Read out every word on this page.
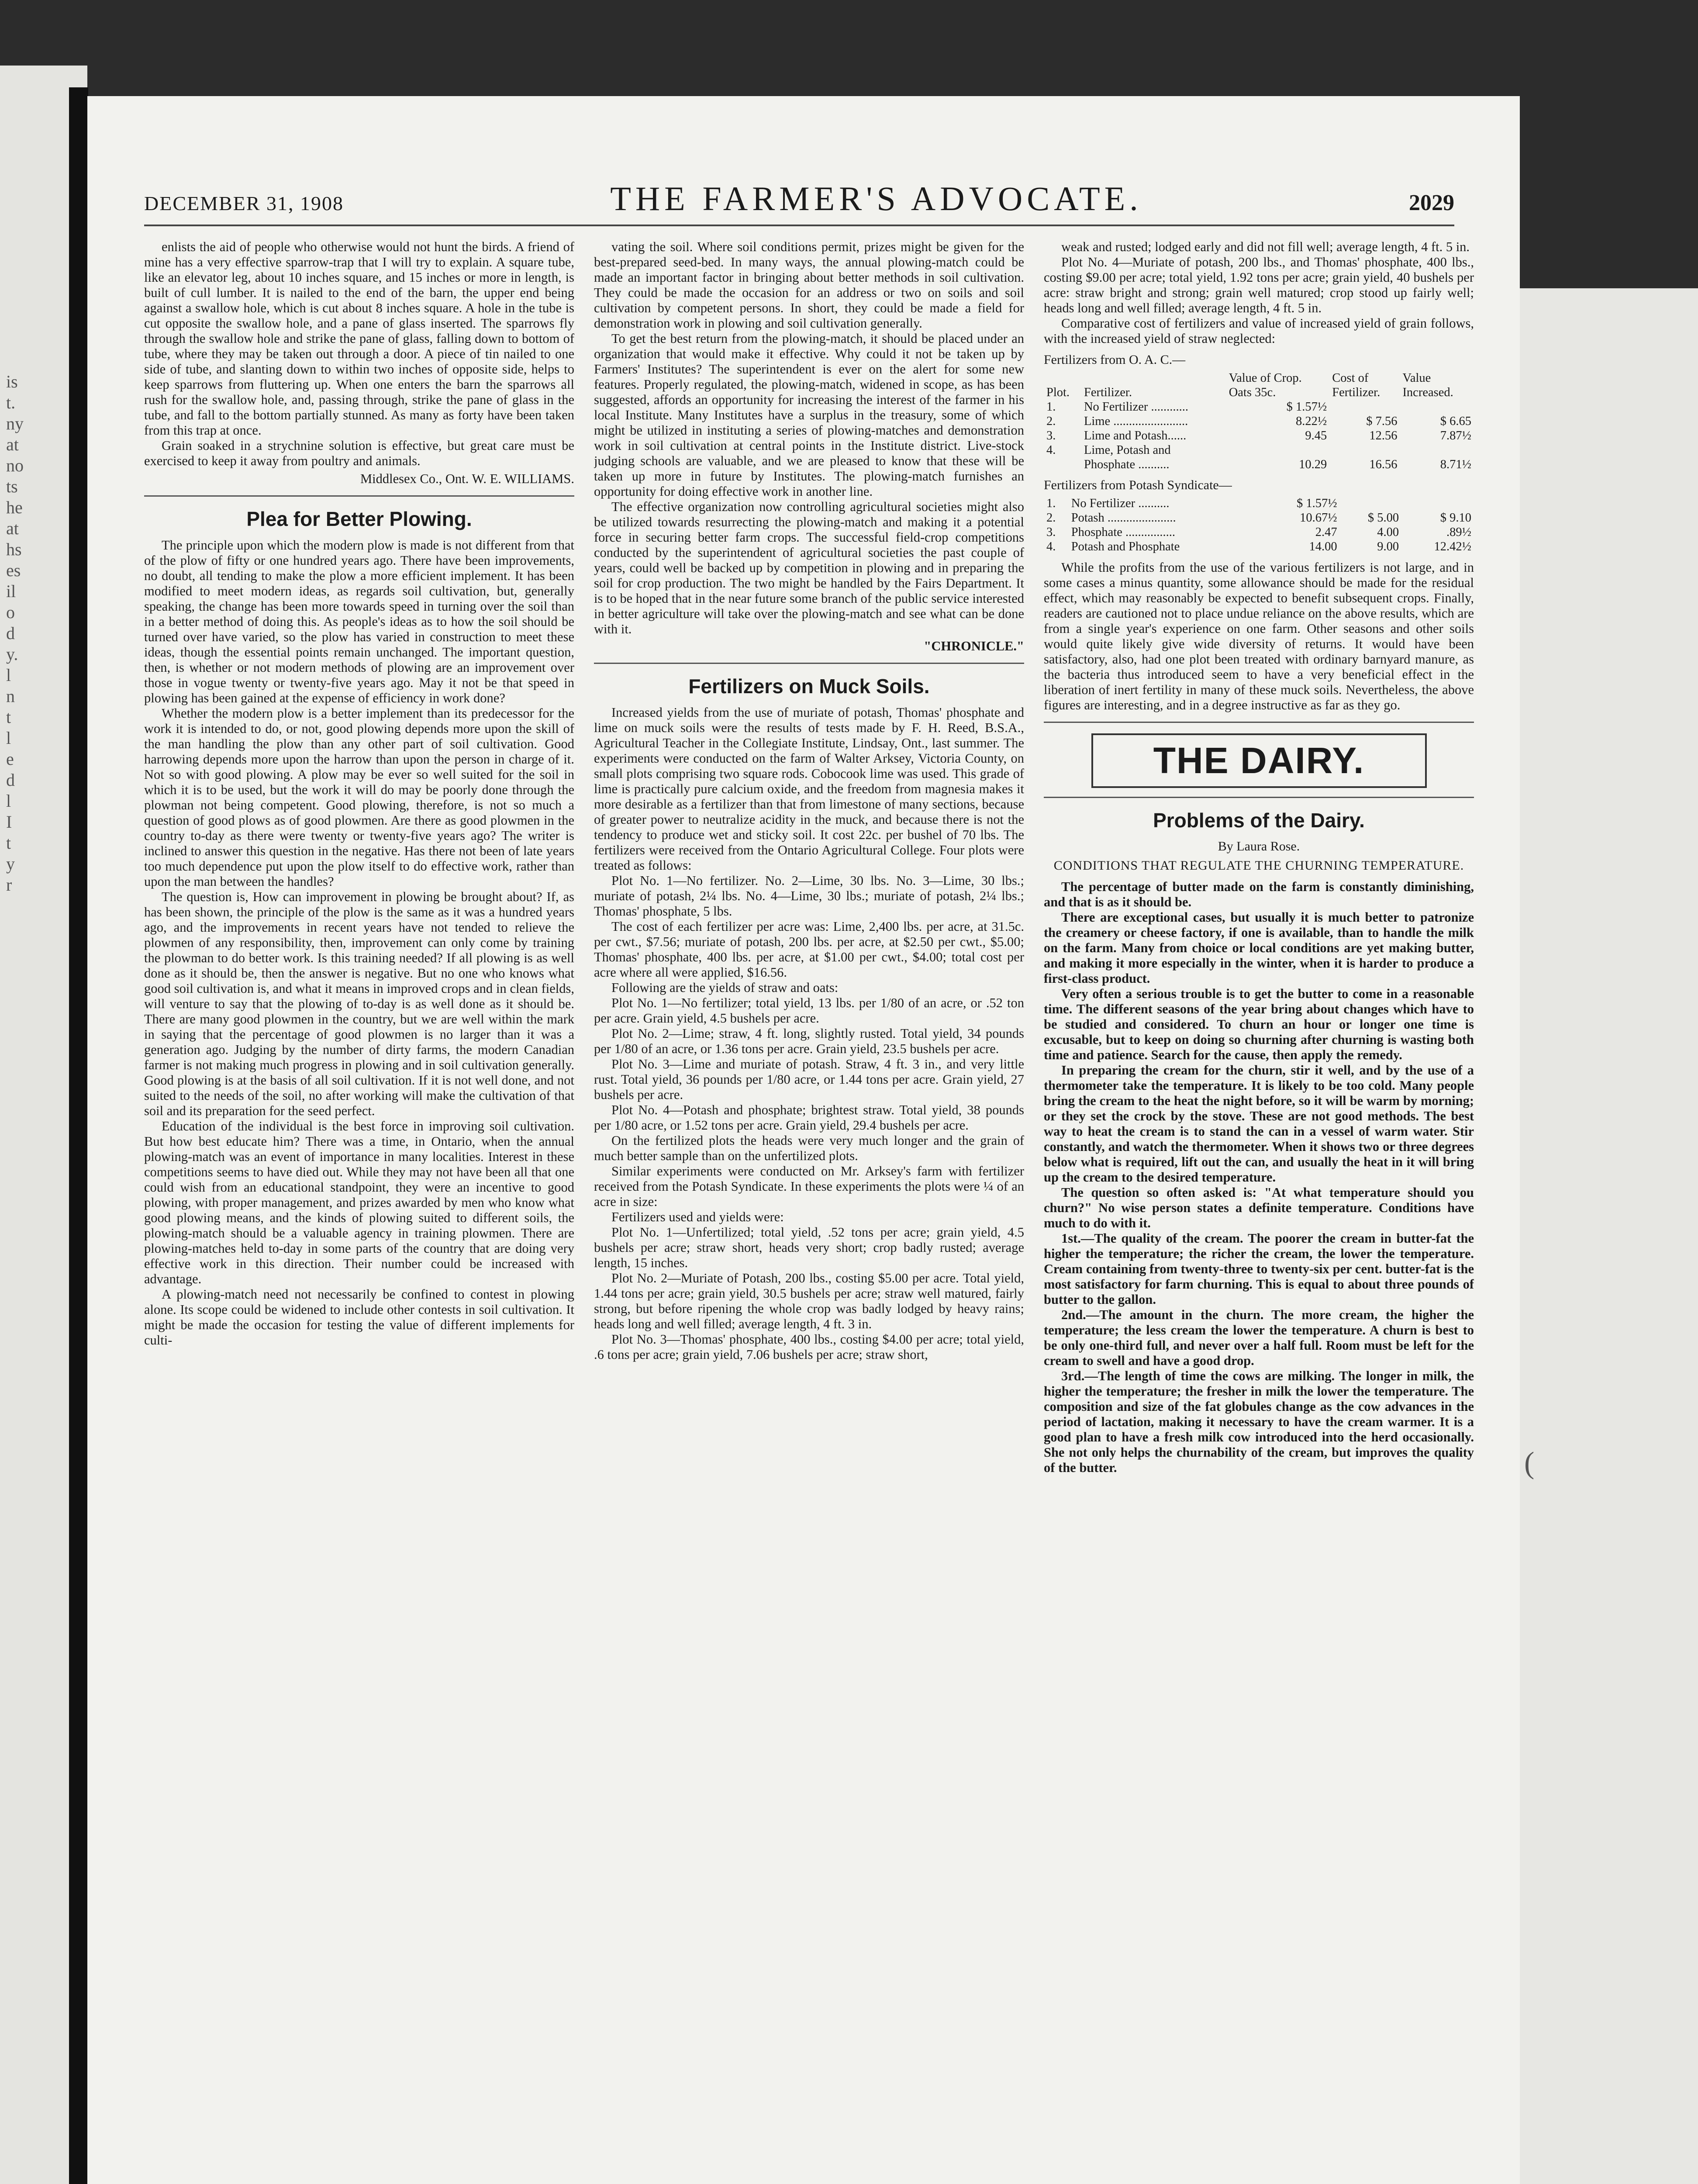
is
t.
ny
at
no
ts
he
at
hs
es
il
o
d
y.
l
n
t
l
e
d
l
I
t
y
r
DECEMBER 31, 1908	THE FARMER'S ADVOCATE.	2029

enlists the aid of people who otherwise would not hunt the birds. A friend of mine has a very effective sparrow-trap that I will try to explain. A square tube, like an elevator leg, about 10 inches square, and 15 inches or more in length, is built of cull lumber. It is nailed to the end of the barn, the upper end being against a swallow hole, which is cut about 8 inches square. A hole in the tube is cut opposite the swallow hole, and a pane of glass inserted. The sparrows fly through the swallow hole and strike the pane of glass, falling down to bottom of tube, where they may be taken out through a door. A piece of tin nailed to one side of tube, and slanting down to within two inches of opposite side, helps to keep sparrows from fluttering up. When one enters the barn the sparrows all rush for the swallow hole, and, passing through, strike the pane of glass in the tube, and fall to the bottom partially stunned. As many as forty have been taken from this trap at once.

Grain soaked in a strychnine solution is effective, but great care must be exercised to keep it away from poultry and animals.

Middlesex Co., Ont. W. E. WILLIAMS.

Plea for Better Plowing.

The principle upon which the modern plow is made is not different from that of the plow of fifty or one hundred years ago. There have been improvements, no doubt, all tending to make the plow a more efficient implement. It has been modified to meet modern ideas, as regards soil cultivation, but, generally speaking, the change has been more towards speed in turning over the soil than in a better method of doing this. As people's ideas as to how the soil should be turned over have varied, so the plow has varied in construction to meet these ideas, though the essential points remain unchanged. The important question, then, is whether or not modern methods of plowing are an improvement over those in vogue twenty or twenty-five years ago. May it not be that speed in plowing has been gained at the expense of efficiency in work done?

Whether the modern plow is a better implement than its predecessor for the work it is intended to do, or not, good plowing depends more upon the skill of the man handling the plow than any other part of soil cultivation. Good harrowing depends more upon the harrow than upon the person in charge of it. Not so with good plowing. A plow may be ever so well suited for the soil in which it is to be used, but the work it will do may be poorly done through the plowman not being competent. Good plowing, therefore, is not so much a question of good plows as of good plowmen. Are there as good plowmen in the country to-day as there were twenty or twenty-five years ago? The writer is inclined to answer this question in the negative. Has there not been of late years too much dependence put upon the plow itself to do effective work, rather than upon the man between the handles?

The question is, How can improvement in plowing be brought about? If, as has been shown, the principle of the plow is the same as it was a hundred years ago, and the improvements in recent years have not tended to relieve the plowmen of any responsibility, then, improvement can only come by training the plowman to do better work. Is this training needed? If all plowing is as well done as it should be, then the answer is negative. But no one who knows what good soil cultivation is, and what it means in improved crops and in clean fields, will venture to say that the plowing of to-day is as well done as it should be. There are many good plowmen in the country, but we are well within the mark in saying that the percentage of good plowmen is no larger than it was a generation ago. Judging by the number of dirty farms, the modern Canadian farmer is not making much progress in plowing and in soil cultivation generally. Good plowing is at the basis of all soil cultivation. If it is not well done, and not suited to the needs of the soil, no after working will make the cultivation of that soil and its preparation for the seed perfect.

Education of the individual is the best force in improving soil cultivation. But how best educate him? There was a time, in Ontario, when the annual plowing-match was an event of importance in many localities. Interest in these competitions seems to have died out. While they may not have been all that one could wish from an educational standpoint, they were an incentive to good plowing, with proper management, and prizes awarded by men who know what good plowing means, and the kinds of plowing suited to different soils, the plowing-match should be a valuable agency in training plowmen. There are plowing-matches held to-day in some parts of the country that are doing very effective work in this direction. Their number could be increased with advantage.

A plowing-match need not necessarily be confined to contest in plowing alone. Its scope could be widened to include other contests in soil cultivation. It might be made the occasion for testing the value of different implements for culti-

vating the soil. Where soil conditions permit, prizes might be given for the best-prepared seed-bed. In many ways, the annual plowing-match could be made an important factor in bringing about better methods in soil cultivation. They could be made the occasion for an address or two on soils and soil cultivation by competent persons. In short, they could be made a field for demonstration work in plowing and soil cultivation generally.

To get the best return from the plowing-match, it should be placed under an organization that would make it effective. Why could it not be taken up by Farmers' Institutes? The superintendent is ever on the alert for some new features. Properly regulated, the plowing-match, widened in scope, as has been suggested, affords an opportunity for increasing the interest of the farmer in his local Institute. Many Institutes have a surplus in the treasury, some of which might be utilized in instituting a series of plowing-matches and demonstration work in soil cultivation at central points in the Institute district. Live-stock judging schools are valuable, and we are pleased to know that these will be taken up more in future by Institutes. The plowing-match furnishes an opportunity for doing effective work in another line.

The effective organization now controlling agricultural societies might also be utilized towards resurrecting the plowing-match and making it a potential force in securing better farm crops. The successful field-crop competitions conducted by the superintendent of agricultural societies the past couple of years, could well be backed up by competition in plowing and in preparing the soil for crop production. The two might be handled by the Fairs Department. It is to be hoped that in the near future some branch of the public service interested in better agriculture will take over the plowing-match and see what can be done with it.

"CHRONICLE."

Fertilizers on Muck Soils.

Increased yields from the use of muriate of potash, Thomas' phosphate and lime on muck soils were the results of tests made by F. H. Reed, B.S.A., Agricultural Teacher in the Collegiate Institute, Lindsay, Ont., last summer. The experiments were conducted on the farm of Walter Arksey, Victoria County, on small plots comprising two square rods. Cobocook lime was used. This grade of lime is practically pure calcium oxide, and the freedom from magnesia makes it more desirable as a fertilizer than that from limestone of many sections, because of greater power to neutralize acidity in the muck, and because there is not the tendency to produce wet and sticky soil. It cost 22c. per bushel of 70 lbs. The fertilizers were received from the Ontario Agricultural College. Four plots were treated as follows:

Plot No. 1—No fertilizer. No. 2—Lime, 30 lbs. No. 3—Lime, 30 lbs.; muriate of potash, 2¼ lbs. No. 4—Lime, 30 lbs.; muriate of potash, 2¼ lbs.; Thomas' phosphate, 5 lbs.

The cost of each fertilizer per acre was: Lime, 2,400 lbs. per acre, at 31.5c. per cwt., $7.56; muriate of potash, 200 lbs. per acre, at $2.50 per cwt., $5.00; Thomas' phosphate, 400 lbs. per acre, at $1.00 per cwt., $4.00; total cost per acre where all were applied, $16.56.

Following are the yields of straw and oats:

Plot No. 1—No fertilizer; total yield, 13 lbs. per 1/80 of an acre, or .52 ton per acre. Grain yield, 4.5 bushels per acre.

Plot No. 2—Lime; straw, 4 ft. long, slightly rusted. Total yield, 34 pounds per 1/80 of an acre, or 1.36 tons per acre. Grain yield, 23.5 bushels per acre.

Plot No. 3—Lime and muriate of potash. Straw, 4 ft. 3 in., and very little rust. Total yield, 36 pounds per 1/80 acre, or 1.44 tons per acre. Grain yield, 27 bushels per acre.

Plot No. 4—Potash and phosphate; brightest straw. Total yield, 38 pounds per 1/80 acre, or 1.52 tons per acre. Grain yield, 29.4 bushels per acre.

On the fertilized plots the heads were very much longer and the grain of much better sample than on the unfertilized plots.

Similar experiments were conducted on Mr. Arksey's farm with fertilizer received from the Potash Syndicate. In these experiments the plots were ¼ of an acre in size:

Fertilizers used and yields were:

Plot No. 1—Unfertilized; total yield, .52 tons per acre; grain yield, 4.5 bushels per acre; straw short, heads very short; crop badly rusted; average length, 15 inches.

Plot No. 2—Muriate of Potash, 200 lbs., costing $5.00 per acre. Total yield, 1.44 tons per acre; grain yield, 30.5 bushels per acre; straw well matured, fairly strong, but before ripening the whole crop was badly lodged by heavy rains; heads long and well filled; average length, 4 ft. 3 in.

Plot No. 3—Thomas' phosphate, 400 lbs., costing $4.00 per acre; total yield, .6 tons per acre; grain yield, 7.06 bushels per acre; straw short,

weak and rusted; lodged early and did not fill well; average length, 4 ft. 5 in.

Plot No. 4—Muriate of potash, 200 lbs., and Thomas' phosphate, 400 lbs., costing $9.00 per acre; total yield, 1.92 tons per acre; grain yield, 40 bushels per acre: straw bright and strong; grain well matured; crop stood up fairly well; heads long and well filled; average length, 4 ft. 5 in.

Comparative cost of fertilizers and value of increased yield of grain follows, with the increased yield of straw neglected:

Fertilizers from O. A. C.—
		Value of Crop.	Cost of	Value
Plot.	Fertilizer.	Oats 35c.	Fertilizer.	Increased.
1.	No Fertilizer ............	$ 1.57½		
2.	Lime ........................	8.22½	$ 7.56	$ 6.65
3.	Lime and Potash......	9.45	12.56	7.87½
4.	Lime, Potash and			
	Phosphate ..........	10.29	16.56	8.71½
Fertilizers from Potash Syndicate—
1.	No Fertilizer ..........	$ 1.57½		
2.	Potash ......................	10.67½	$ 5.00	$ 9.10
3.	Phosphate ................	2.47	4.00	.89½
4.	Potash and Phosphate	14.00	9.00	12.42½

While the profits from the use of the various fertilizers is not large, and in some cases a minus quantity, some allowance should be made for the residual effect, which may reasonably be expected to benefit subsequent crops. Finally, readers are cautioned not to place undue reliance on the above results, which are from a single year's experience on one farm. Other seasons and other soils would quite likely give wide diversity of returns. It would have been satisfactory, also, had one plot been treated with ordinary barnyard manure, as the bacteria thus introduced seem to have a very beneficial effect in the liberation of inert fertility in many of these muck soils. Nevertheless, the above figures are interesting, and in a degree instructive as far as they go.

THE DAIRY.
Problems of the Dairy.
By Laura Rose.
CONDITIONS THAT REGULATE THE CHURNING TEMPERATURE.

The percentage of butter made on the farm is constantly diminishing, and that is as it should be.

There are exceptional cases, but usually it is much better to patronize the creamery or cheese factory, if one is available, than to handle the milk on the farm. Many from choice or local conditions are yet making butter, and making it more especially in the winter, when it is harder to produce a first-class product.

Very often a serious trouble is to get the butter to come in a reasonable time. The different seasons of the year bring about changes which have to be studied and considered. To churn an hour or longer one time is excusable, but to keep on doing so churning after churning is wasting both time and patience. Search for the cause, then apply the remedy.

In preparing the cream for the churn, stir it well, and by the use of a thermometer take the temperature. It is likely to be too cold. Many people bring the cream to the heat the night before, so it will be warm by morning; or they set the crock by the stove. These are not good methods. The best way to heat the cream is to stand the can in a vessel of warm water. Stir constantly, and watch the thermometer. When it shows two or three degrees below what is required, lift out the can, and usually the heat in it will bring up the cream to the desired temperature.

The question so often asked is: "At what temperature should you churn?" No wise person states a definite temperature. Conditions have much to do with it.

1st.—The quality of the cream. The poorer the cream in butter-fat the higher the temperature; the richer the cream, the lower the temperature. Cream containing from twenty-three to twenty-six per cent. butter-fat is the most satisfactory for farm churning. This is equal to about three pounds of butter to the gallon.

2nd.—The amount in the churn. The more cream, the higher the temperature; the less cream the lower the temperature. A churn is best to be only one-third full, and never over a half full. Room must be left for the cream to swell and have a good drop.

3rd.—The length of time the cows are milking. The longer in milk, the higher the temperature; the fresher in milk the lower the temperature. The composition and size of the fat globules change as the cow advances in the period of lactation, making it necessary to have the cream warmer. It is a good plan to have a fresh milk cow introduced into the herd occasionally. She not only helps the churnability of the cream, but improves the quality of the butter.	(
